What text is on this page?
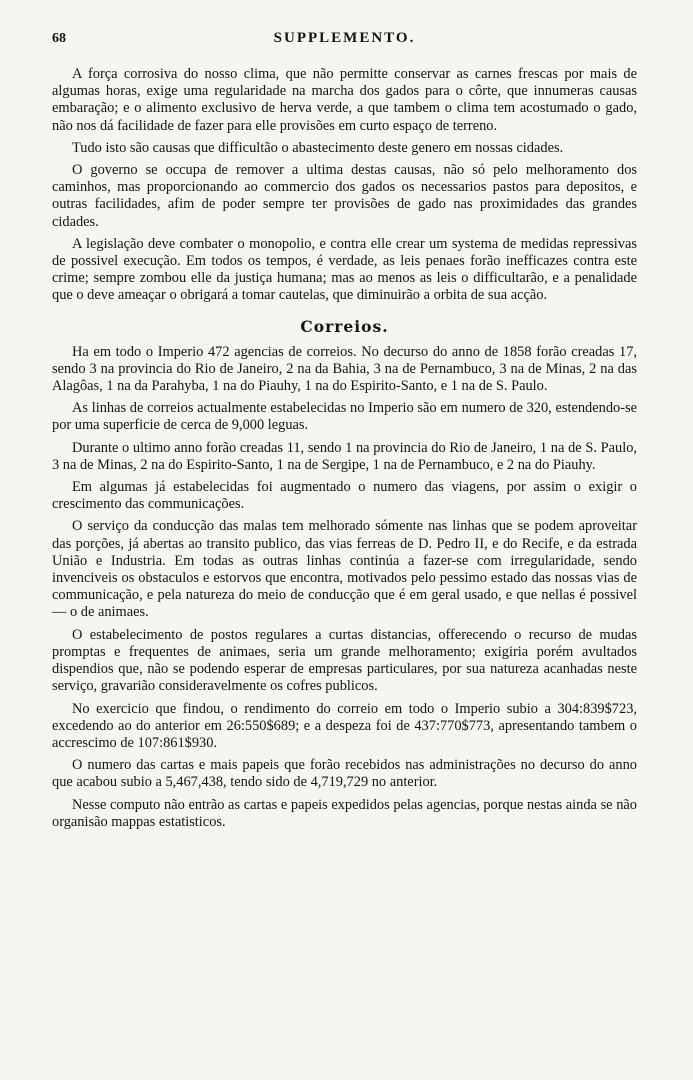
68	SUPPLEMENTO.

A força corrosiva do nosso clima, que não permitte conservar as carnes frescas por mais de algumas horas, exige uma regularidade na marcha dos gados para o côrte, que innumeras causas embaração; e o alimento exclusivo de herva verde, a que tambem o clima tem acostumado o gado, não nos dá facilidade de fazer para elle provisões em curto espaço de terreno.

Tudo isto são causas que difficultão o abastecimento deste genero em nossas cidades.

O governo se occupa de remover a ultima destas causas, não só pelo melhoramento dos caminhos, mas proporcionando ao commercio dos gados os necessarios pastos para depositos, e outras facilidades, afim de poder sempre ter provisões de gado nas proximidades das grandes cidades.

A legislação deve combater o monopolio, e contra elle crear um systema de medidas repressivas de possivel execução. Em todos os tempos, é verdade, as leis penaes forão inefficazes contra este crime; sempre zombou elle da justiça humana; mas ao menos as leis o difficultarão, e a penalidade que o deve ameaçar o obrigará a tomar cautelas, que diminuirão a orbita de sua acção.

Correios.

Ha em todo o Imperio 472 agencias de correios. No decurso do anno de 1858 forão creadas 17, sendo 3 na provincia do Rio de Janeiro, 2 na da Bahia, 3 na de Pernambuco, 3 na de Minas, 2 na das Alagôas, 1 na da Parahyba, 1 na do Piauhy, 1 na do Espirito-Santo, e 1 na de S. Paulo.

As linhas de correios actualmente estabelecidas no Imperio são em numero de 320, estendendo-se por uma superficie de cerca de 9,000 leguas.

Durante o ultimo anno forão creadas 11, sendo 1 na provincia do Rio de Janeiro, 1 na de S. Paulo, 3 na de Minas, 2 na do Espirito-Santo, 1 na de Sergipe, 1 na de Pernambuco, e 2 na do Piauhy.

Em algumas já estabelecidas foi augmentado o numero das viagens, por assim o exigir o crescimento das communicações.

O serviço da conducção das malas tem melhorado sómente nas linhas que se podem aproveitar das porções, já abertas ao transito publico, das vias ferreas de D. Pedro II, e do Recife, e da estrada União e Industria. Em todas as outras linhas continúa a fazer-se com irregularidade, sendo invenciveis os obstaculos e estorvos que encontra, motivados pelo pessimo estado das nossas vias de communicação, e pela natureza do meio de conducção que é em geral usado, e que nellas é possivel — o de animaes.

O estabelecimento de postos regulares a curtas distancias, offerecendo o recurso de mudas promptas e frequentes de animaes, seria um grande melhoramento; exigiria porém avultados dispendios que, não se podendo esperar de empresas particulares, por sua natureza acanhadas neste serviço, gravarião consideravelmente os cofres publicos.

No exercicio que findou, o rendimento do correio em todo o Imperio subio a 304:839$723, excedendo ao do anterior em 26:550$689; e a despeza foi de 437:770$773, apresentando tambem o accrescimo de 107:861$930.

O numero das cartas e mais papeis que forão recebidos nas administrações no decurso do anno que acabou subio a 5,467,438, tendo sido de 4,719,729 no anterior.

Nesse computo não entrão as cartas e papeis expedidos pelas agencias, porque nestas ainda se não organisão mappas estatisticos.
